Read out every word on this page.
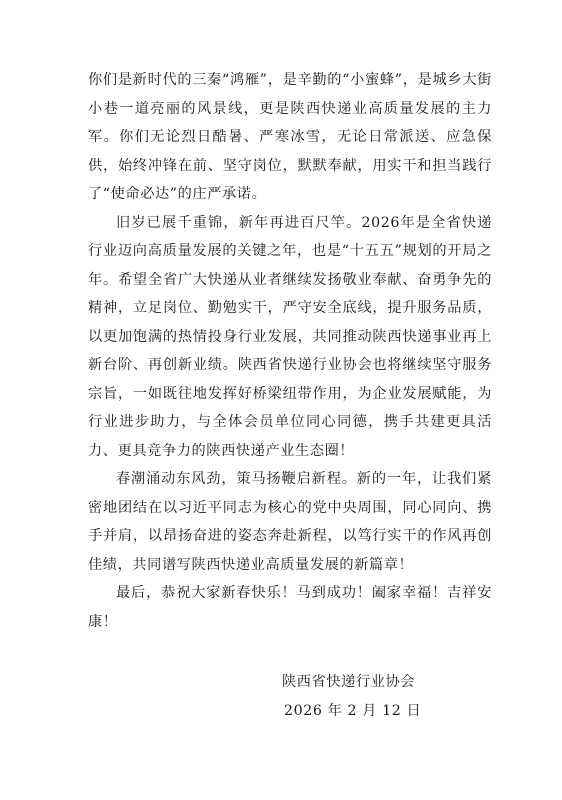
你们是新时代的三秦“鸿雁”，是辛勤的“小蜜蜂”，是城乡大街小巷一道亮丽的风景线，更是陕西快递业高质量发展的主力军。你们无论烈日酷暑、严寒冰雪，无论日常派送、应急保供，始终冲锋在前、坚守岗位，默默奉献，用实干和担当践行了“使命必达”的庄严承诺。

旧岁已展千重锦，新年再进百尺竿。2026年是全省快递行业迈向高质量发展的关键之年，也是“十五五”规划的开局之年。希望全省广大快递从业者继续发扬敬业奉献、奋勇争先的精神，立足岗位、勤勉实干，严守安全底线，提升服务品质，以更加饱满的热情投身行业发展，共同推动陕西快递事业再上新台阶、再创新业绩。陕西省快递行业协会也将继续坚守服务宗旨，一如既往地发挥好桥梁纽带作用，为企业发展赋能，为行业进步助力，与全体会员单位同心同德，携手共建更具活力、更具竞争力的陕西快递产业生态圈！

春潮涌动东风劲，策马扬鞭启新程。新的一年，让我们紧密地团结在以习近平同志为核心的党中央周围，同心同向、携手并肩，以昂扬奋进的姿态奔赴新程，以笃行实干的作风再创佳绩，共同谱写陕西快递业高质量发展的新篇章！

最后，恭祝大家新春快乐！马到成功！阖家幸福！吉祥安康！

陕西省快递行业协会
2026 年 2 月 12 日
